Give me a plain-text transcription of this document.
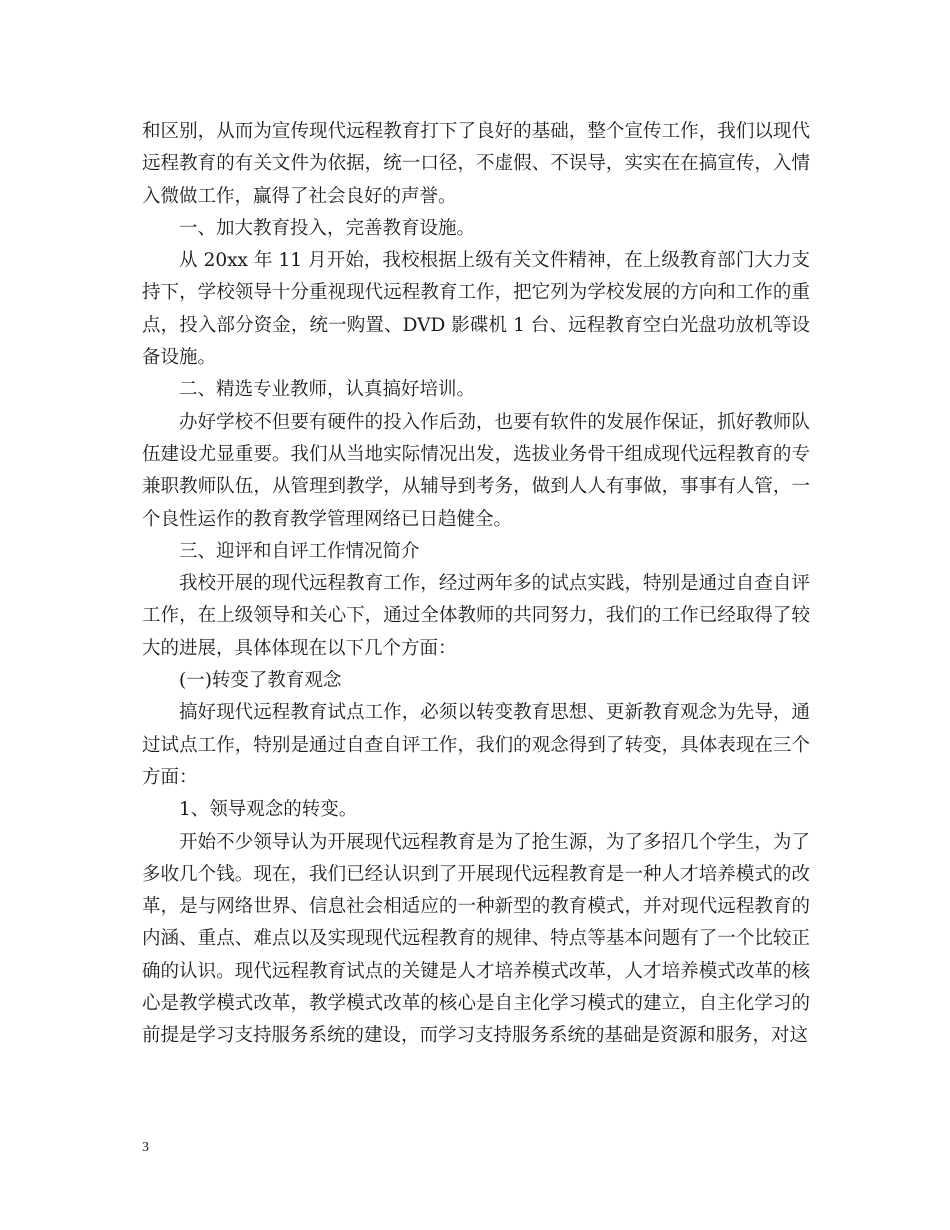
和区别，从而为宣传现代远程教育打下了良好的基础，整个宣传工作，我们以现代远程教育的有关文件为依据，统一口径，不虚假、不误导，实实在在搞宣传，入情入微做工作，赢得了社会良好的声誉。

一、加大教育投入，完善教育设施。

从 20xx 年 11 月开始，我校根据上级有关文件精神，在上级教育部门大力支持下，学校领导十分重视现代远程教育工作，把它列为学校发展的方向和工作的重点，投入部分资金，统一购置、DVD 影碟机 1 台、远程教育空白光盘功放机等设备设施。

二、精选专业教师，认真搞好培训。

办好学校不但要有硬件的投入作后劲，也要有软件的发展作保证，抓好教师队伍建设尤显重要。我们从当地实际情况出发，选拔业务骨干组成现代远程教育的专兼职教师队伍，从管理到教学，从辅导到考务，做到人人有事做，事事有人管，一个良性运作的教育教学管理网络已日趋健全。

三、迎评和自评工作情况简介

我校开展的现代远程教育工作，经过两年多的试点实践，特别是通过自查自评工作，在上级领导和关心下，通过全体教师的共同努力，我们的工作已经取得了较大的进展，具体体现在以下几个方面：

(一)转变了教育观念

搞好现代远程教育试点工作，必须以转变教育思想、更新教育观念为先导，通过试点工作，特别是通过自查自评工作，我们的观念得到了转变，具体表现在三个方面：

1、领导观念的转变。

开始不少领导认为开展现代远程教育是为了抢生源，为了多招几个学生，为了多收几个钱。现在，我们已经认识到了开展现代远程教育是一种人才培养模式的改革，是与网络世界、信息社会相适应的一种新型的教育模式，并对现代远程教育的内涵、重点、难点以及实现现代远程教育的规律、特点等基本问题有了一个比较正确的认识。现代远程教育试点的关键是人才培养模式改革，人才培养模式改革的核心是教学模式改革，教学模式改革的核心是自主化学习模式的建立，自主化学习的前提是学习支持服务系统的建设，而学习支持服务系统的基础是资源和服务，对这

3
